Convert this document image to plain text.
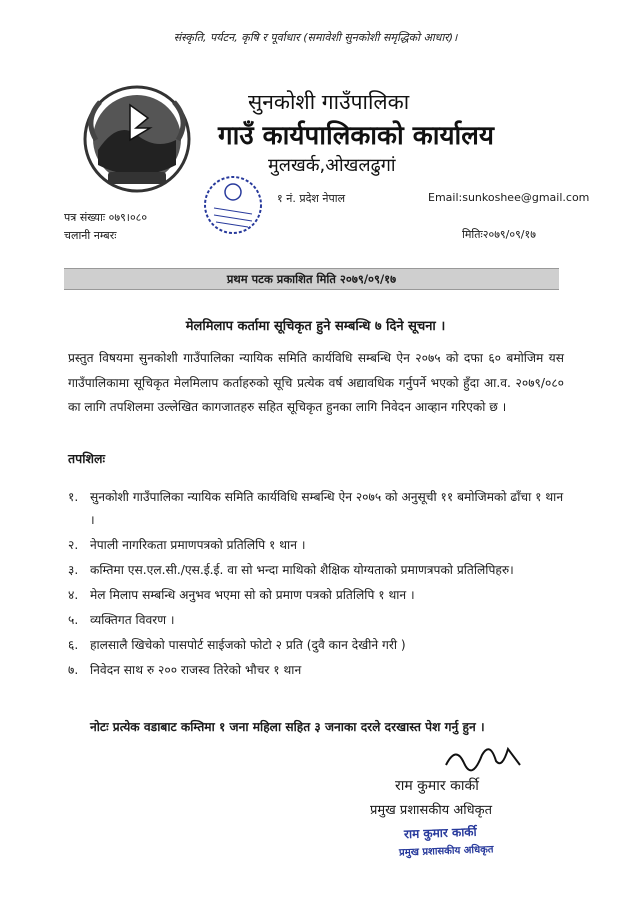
संस्कृति, पर्यटन, कृषि र पूर्वाधार (समावेशी सुनकोशी समृद्धिको आधार)।
सुनकोशी गाउँपालिका
गाउँ कार्यपालिकाको कार्यालय
मुलखर्क,ओखलढुगां
१ नं. प्रदेश नेपाल	Email:sunkoshee@gmail.com
पत्र संख्याः ०७९।०८०
चलानी नम्बरः	मितिः२०७९/०९/१७
प्रथम पटक प्रकाशित मिति २०७९/०९/१७
मेलमिलाप कर्तामा सूचिकृत हुने सम्बन्धि ७ दिने सूचना ।
प्रस्तुत विषयमा सुनकोशी गाउँपालिका न्यायिक समिति कार्यविधि सम्बन्धि ऐन २०७५ को दफा ६० बमोजिम यस गाउँपालिकामा सूचिकृत मेलमिलाप कर्ताहरुको सूचि प्रत्येक वर्ष अद्यावधिक गर्नुपर्ने भएको हुँदा आ.व. २०७९/०८० का लागि तपशिलमा उल्लेखित कागजातहरु सहित सूचिकृत हुनका लागि निवेदन आव्हान गरिएको छ ।
तपशिलः
१. सुनकोशी गाउँपालिका न्यायिक समिति कार्यविधि सम्बन्धि ऐन २०७५ को अनुसूची ११ बमोजिमको ढाँचा १ थान ।
२. नेपाली नागरिकता प्रमाणपत्रको प्रतिलिपि १ थान ।
३. कम्तिमा एस.एल.सी./एस.ई.ई. वा सो भन्दा माथिको शैक्षिक योग्यताको प्रमाणत्रपको प्रतिलिपिहरु।
४. मेल मिलाप सम्बन्धि अनुभव भएमा सो को प्रमाण पत्रको प्रतिलिपि १ थान ।
५. व्यक्तिगत विवरण ।
६. हालसालै खिचेको पासपोर्ट साईजको फोटो २ प्रति (दुवै कान देखीने गरी )
७. निवेदन साथ रु २०० राजस्व तिरेको भौचर १ थान
नोटः प्रत्येक वडाबाट कम्तिमा १ जना महिला सहित ३ जनाका दरले दरखास्त पेश गर्नु हुन ।
राम कुमार कार्की
प्रमुख प्रशासकीय अधिकृत
राम कुमार कार्की
प्रमुख प्रशासकीय अधिकृत
